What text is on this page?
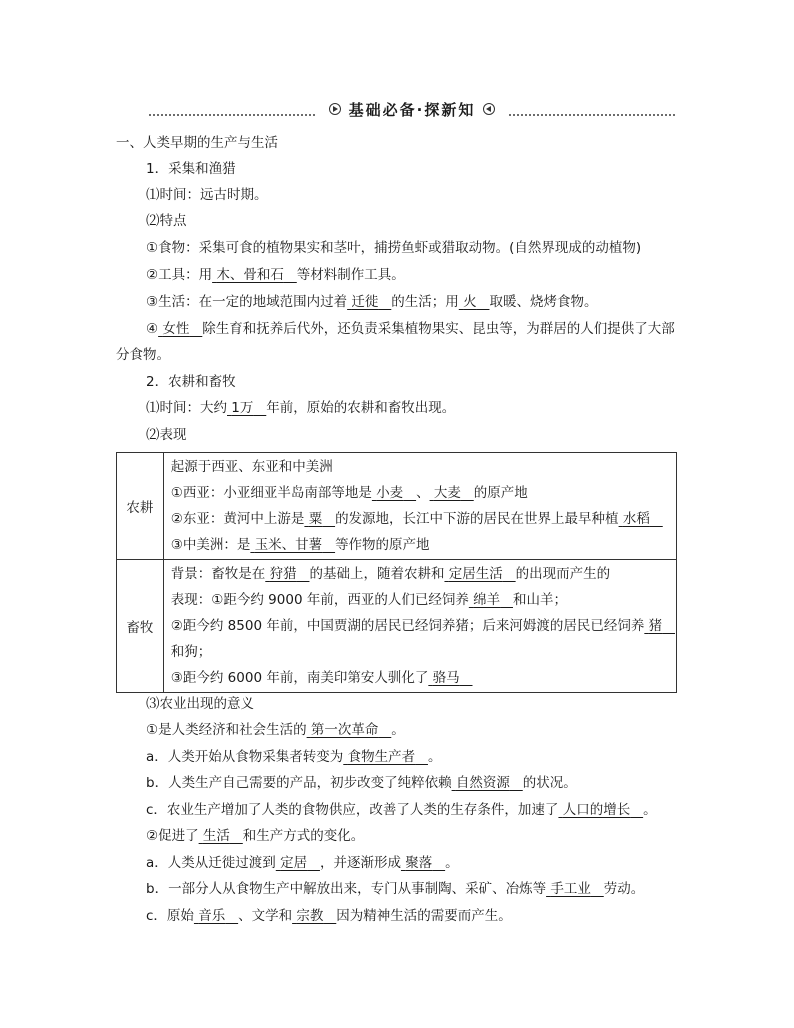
基础必备·探新知
一、人类早期的生产与生活
1．采集和渔猎
⑴时间：远古时期。
⑵特点
①食物：采集可食的植物果实和茎叶，捕捞鱼虾或猎取动物。(自然界现成的动植物)
②工具：用 木、骨和石 等材料制作工具。
③生活：在一定的地域范围内过着 迁徙 的生活；用 火 取暖、烧烤食物。
④ 女性 除生育和抚养后代外，还负责采集植物果实、昆虫等，为群居的人们提供了大部
分食物。
2．农耕和畜牧
⑴时间：大约 1万 年前，原始的农耕和畜牧出现。
⑵表现
农耕	起源于西亚、东亚和中美洲
①西亚：小亚细亚半岛南部等地是 小麦 、 大麦 的原产地
②东亚：黄河中上游是 粟 的发源地，长江中下游的居民在世界上最早种植 水稻
③中美洲：是 玉米、甘薯 等作物的原产地

畜牧	背景：畜牧是在 狩猎 的基础上，随着农耕和 定居生活 的出现而产生的
表现：①距今约 9000 年前，西亚的人们已经饲养 绵羊 和山羊；
②距今约 8500 年前，中国贾湖的居民已经饲养猪；后来河姆渡的居民已经饲养 猪
和狗；
③距今约 6000 年前，南美印第安人驯化了 骆马
⑶农业出现的意义
①是人类经济和社会生活的 第一次革命 。
a．人类开始从食物采集者转变为 食物生产者 。
b．人类生产自己需要的产品，初步改变了纯粹依赖 自然资源 的状况。
c．农业生产增加了人类的食物供应，改善了人类的生存条件，加速了 人口的增长 。
②促进了 生活 和生产方式的变化。
a．人类从迁徙过渡到 定居 ，并逐渐形成 聚落 。
b．一部分人从食物生产中解放出来，专门从事制陶、采矿、冶炼等 手工业 劳动。
c．原始 音乐 、文学和 宗教 因为精神生活的需要而产生。
